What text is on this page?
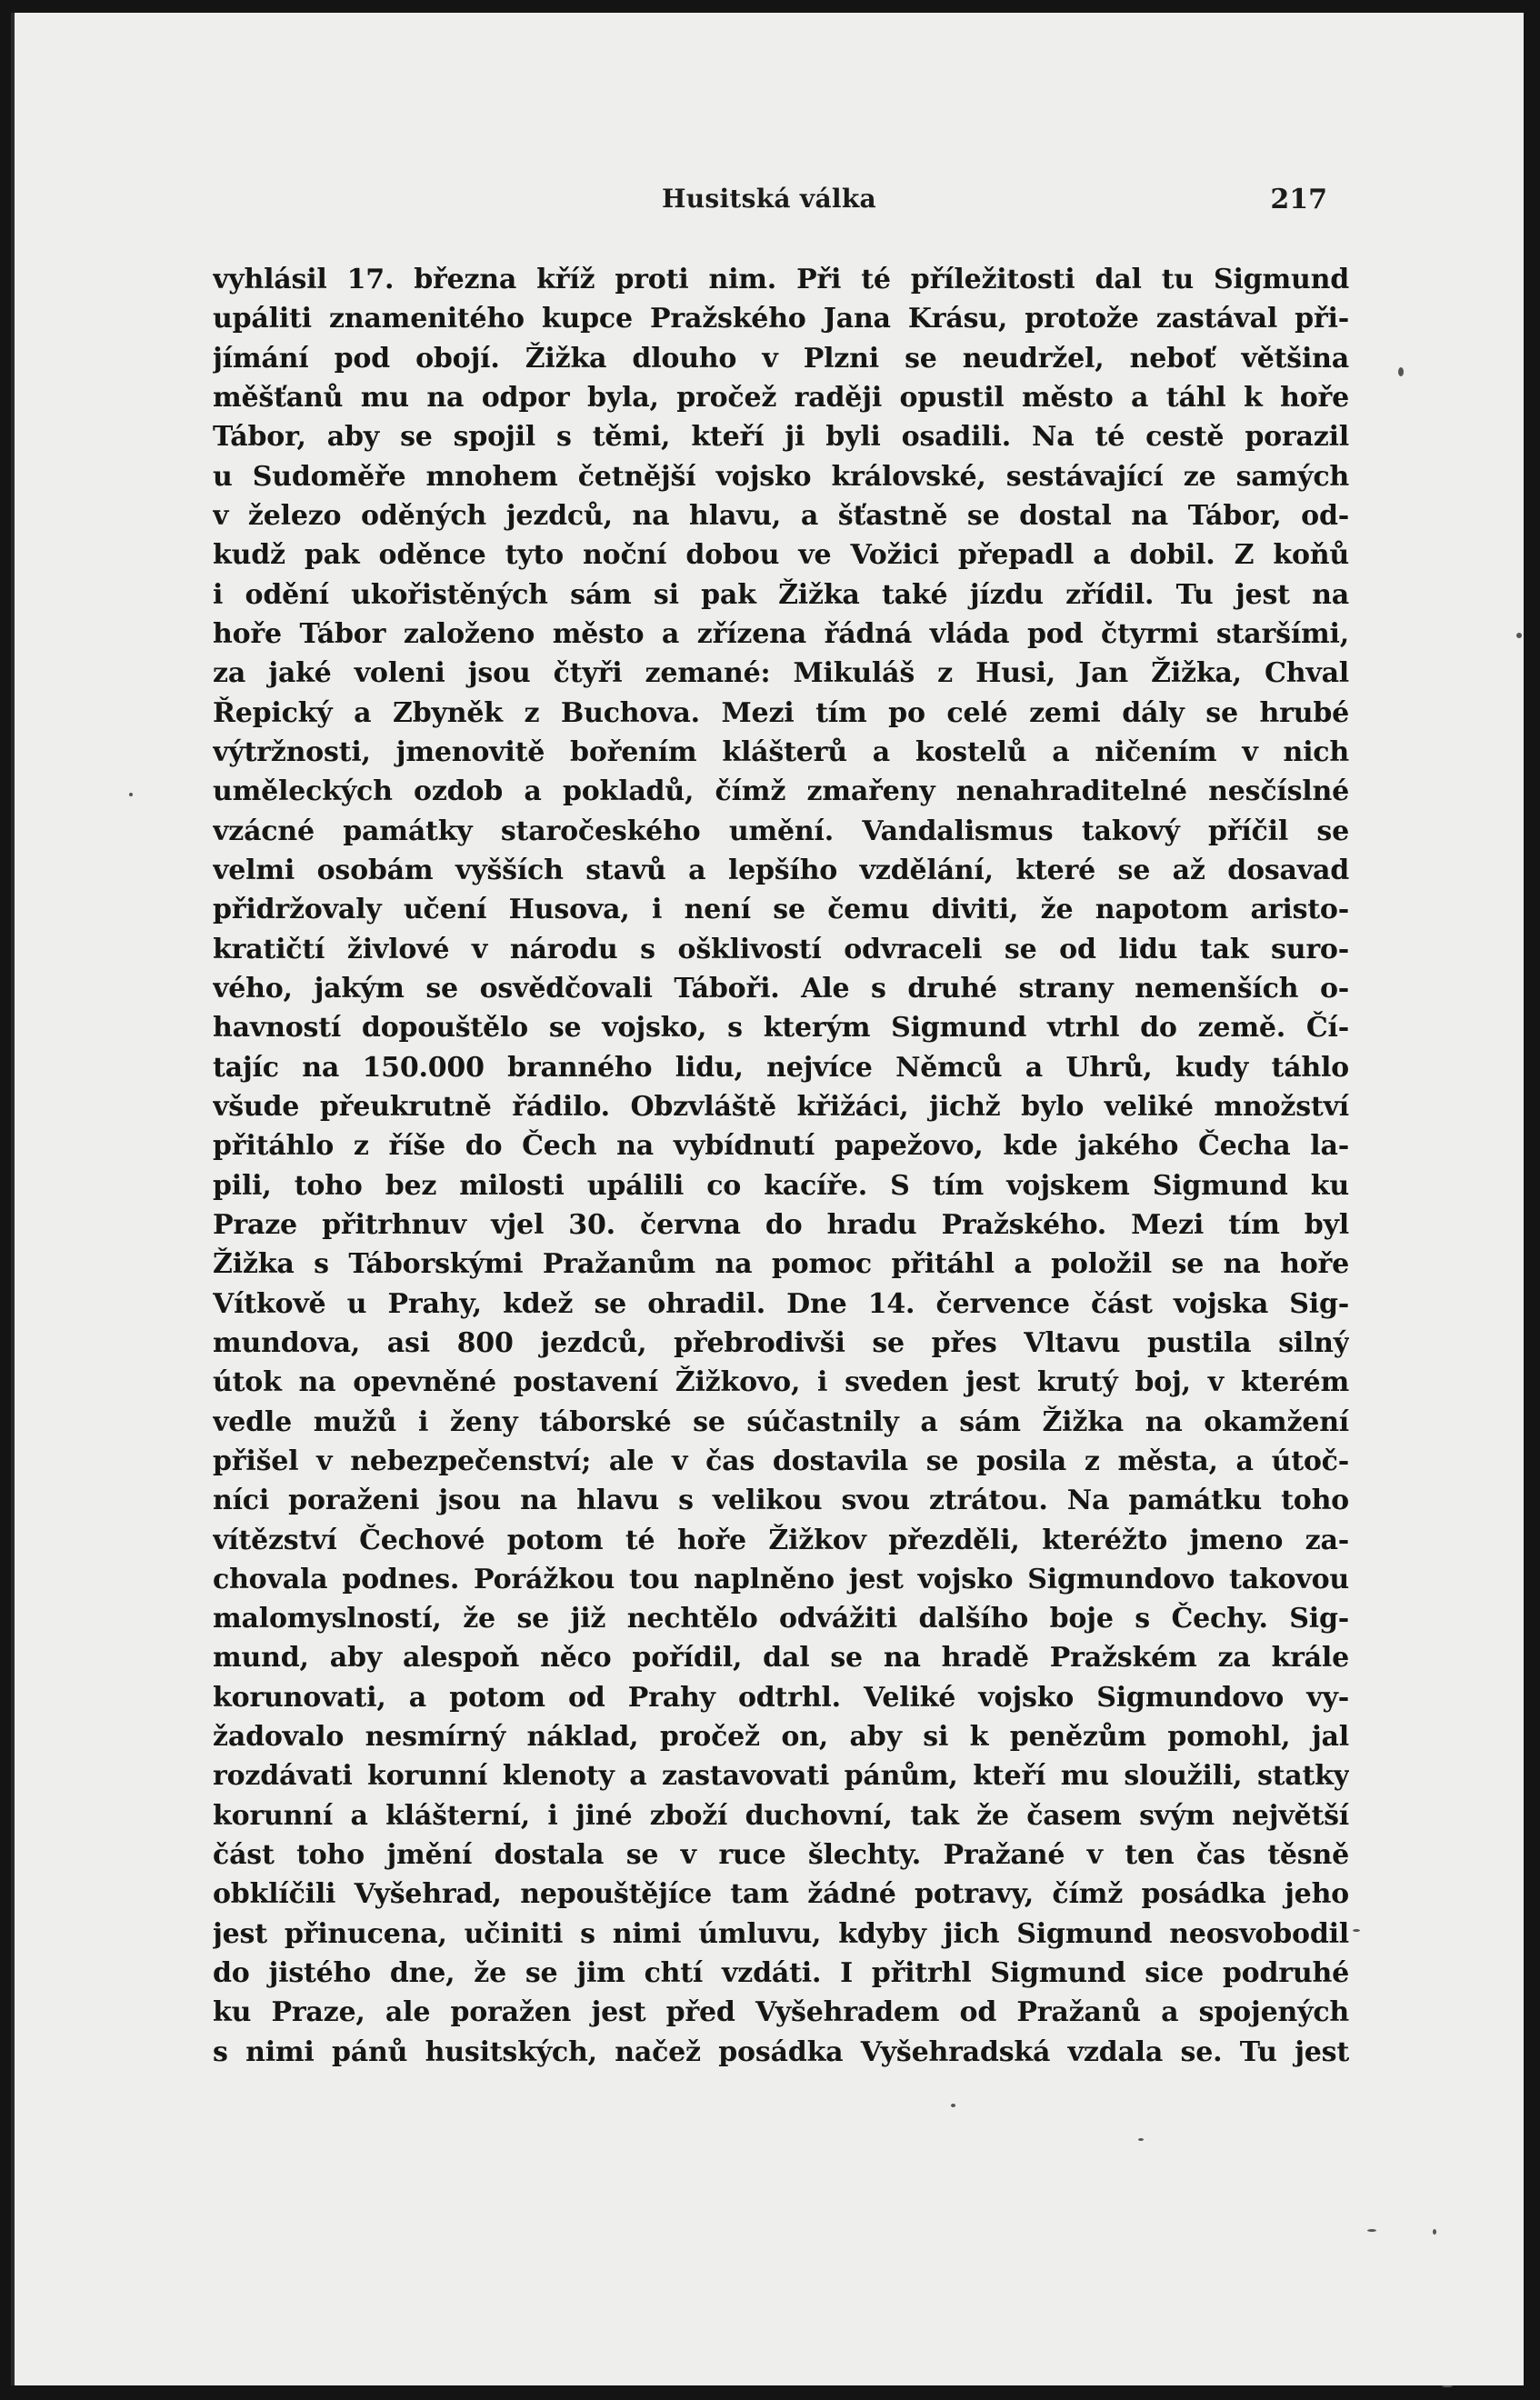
Husitská válka	217
vyhlásil 17. března kříž proti nim. Při té příležitosti dal tu Sigmund
upáliti znamenitého kupce Pražského Jana Krásu, protože zastával při-
jímání pod obojí. Žižka dlouho v Plzni se neudržel, neboť většina
měšťanů mu na odpor byla, pročež raději opustil město a táhl k hoře
Tábor, aby se spojil s těmi, kteří ji byli osadili. Na té cestě porazil
u Sudoměře mnohem četnější vojsko královské, sestávající ze samých
v železo oděných jezdců, na hlavu, a šťastně se dostal na Tábor, od-
kudž pak oděnce tyto noční dobou ve Vožici přepadl a dobil. Z koňů
i odění ukořistěných sám si pak Žižka také jízdu zřídil. Tu jest na
hoře Tábor založeno město a zřízena řádná vláda pod čtyrmi staršími,
za jaké voleni jsou čtyři zemané: Mikuláš z Husi, Jan Žižka, Chval
Řepický a Zbyněk z Buchova. Mezi tím po celé zemi dály se hrubé
výtržnosti, jmenovitě bořením klášterů a kostelů a ničením v nich
uměleckých ozdob a pokladů, čímž zmařeny nenahraditelné nesčíslné
vzácné památky staročeského umění. Vandalismus takový příčil se
velmi osobám vyšších stavů a lepšího vzdělání, které se až dosavad
přidržovaly učení Husova, i není se čemu diviti, že napotom aristo-
kratičtí živlové v národu s ošklivostí odvraceli se od lidu tak suro-
vého, jakým se osvědčovali Táboři. Ale s druhé strany nemenších o-
havností dopouštělo se vojsko, s kterým Sigmund vtrhl do země. Čí-
tajíc na 150.000 branného lidu, nejvíce Němců a Uhrů, kudy táhlo
všude přeukrutně řádilo. Obzvláště křižáci, jichž bylo veliké množství
přitáhlo z říše do Čech na vybídnutí papežovo, kde jakého Čecha la-
pili, toho bez milosti upálili co kacíře. S tím vojskem Sigmund ku
Praze přitrhnuv vjel 30. června do hradu Pražského. Mezi tím byl
Žižka s Táborskými Pražanům na pomoc přitáhl a položil se na hoře
Vítkově u Prahy, kdež se ohradil. Dne 14. července část vojska Sig-
mundova, asi 800 jezdců, přebrodivši se přes Vltavu pustila silný
útok na opevněné postavení Žižkovo, i sveden jest krutý boj, v kterém
vedle mužů i ženy táborské se súčastnily a sám Žižka na okamžení
přišel v nebezpečenství; ale v čas dostavila se posila z města, a útoč-
níci poraženi jsou na hlavu s velikou svou ztrátou. Na památku toho
vítězství Čechové potom té hoře Žižkov přezděli, kteréžto jmeno za-
chovala podnes. Porážkou tou naplněno jest vojsko Sigmundovo takovou
malomyslností, že se již nechtělo odvážiti dalšího boje s Čechy. Sig-
mund, aby alespoň něco pořídil, dal se na hradě Pražském za krále
korunovati, a potom od Prahy odtrhl. Veliké vojsko Sigmundovo vy-
žadovalo nesmírný náklad, pročež on, aby si k penězům pomohl, jal
rozdávati korunní klenoty a zastavovati pánům, kteří mu sloužili, statky
korunní a klášterní, i jiné zboží duchovní, tak že časem svým největší
část toho jmění dostala se v ruce šlechty. Pražané v ten čas těsně
obklíčili Vyšehrad, nepouštějíce tam žádné potravy, čímž posádka jeho
jest přinucena, učiniti s nimi úmluvu, kdyby jich Sigmund neosvobodil
do jistého dne, že se jim chtí vzdáti. I přitrhl Sigmund sice podruhé
ku Praze, ale poražen jest před Vyšehradem od Pražanů a spojených
s nimi pánů husitských, načež posádka Vyšehradská vzdala se. Tu jest
